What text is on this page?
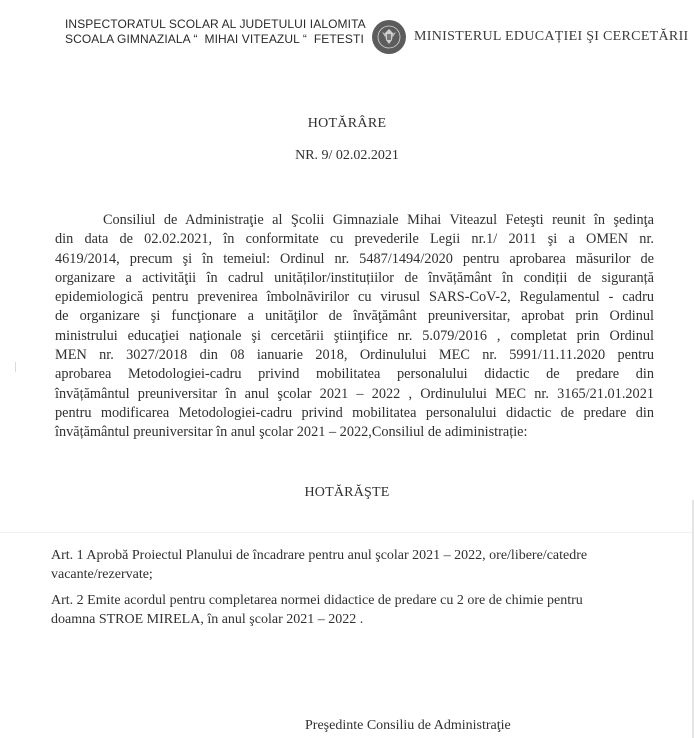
INSPECTORATUL SCOLAR AL JUDETULUI IALOMITA
SCOALA GIMNAZIALA “  MIHAI VITEAZUL “  FETESTI	MINISTERUL EDUCAȚIEI ŞI CERCETĂRII
HOTĂRÂRE
NR. 9/ 02.02.2021
Consiliul de Administraţie al Şcolii Gimnaziale Mihai Viteazul Feteşti reunit în şedinţa
din data de 02.02.2021, în conformitate cu prevederile Legii nr.1/ 2011 şi a OMEN nr.
4619/2014, precum şi în temeiul: Ordinul nr. 5487/1494/2020 pentru aprobarea măsurilor de
organizare a activităţii în cadrul unităților/instituțiilor de învățământ în condiții de siguranță
epidemiologică pentru prevenirea îmbolnăvirilor cu virusul SARS-CoV-2, Regulamentul - cadru
de organizare şi funcţionare a unităţilor de învăţământ preuniversitar, aprobat prin Ordinul
ministrului educaţiei naţionale şi cercetării ştiinţifice nr. 5.079/2016 , completat prin Ordinul
MEN nr. 3027/2018 din 08 ianuarie 2018, Ordinulului MEC nr. 5991/11.11.2020 pentru
aprobarea Metodologiei-cadru privind mobilitatea personalului didactic de predare din
învățământul preuniversitar în anul şcolar 2021 – 2022 , Ordinulului MEC nr. 3165/21.01.2021
pentru modificarea Metodologiei-cadru privind mobilitatea personalului didactic de predare din
învățământul preuniversitar în anul şcolar 2021 – 2022,Consiliul de adiministrație:
HOTĂRĂŞTE
Art. 1 Aprobă Proiectul Planului de încadrare pentru anul şcolar 2021 – 2022, ore/libere/catedre
vacante/rezervate;
Art. 2 Emite acordul pentru completarea normei didactice de predare cu 2 ore de chimie pentru
doamna STROE MIRELA, în anul şcolar 2021 – 2022 .
Preşedinte Consiliu de Administraţie
